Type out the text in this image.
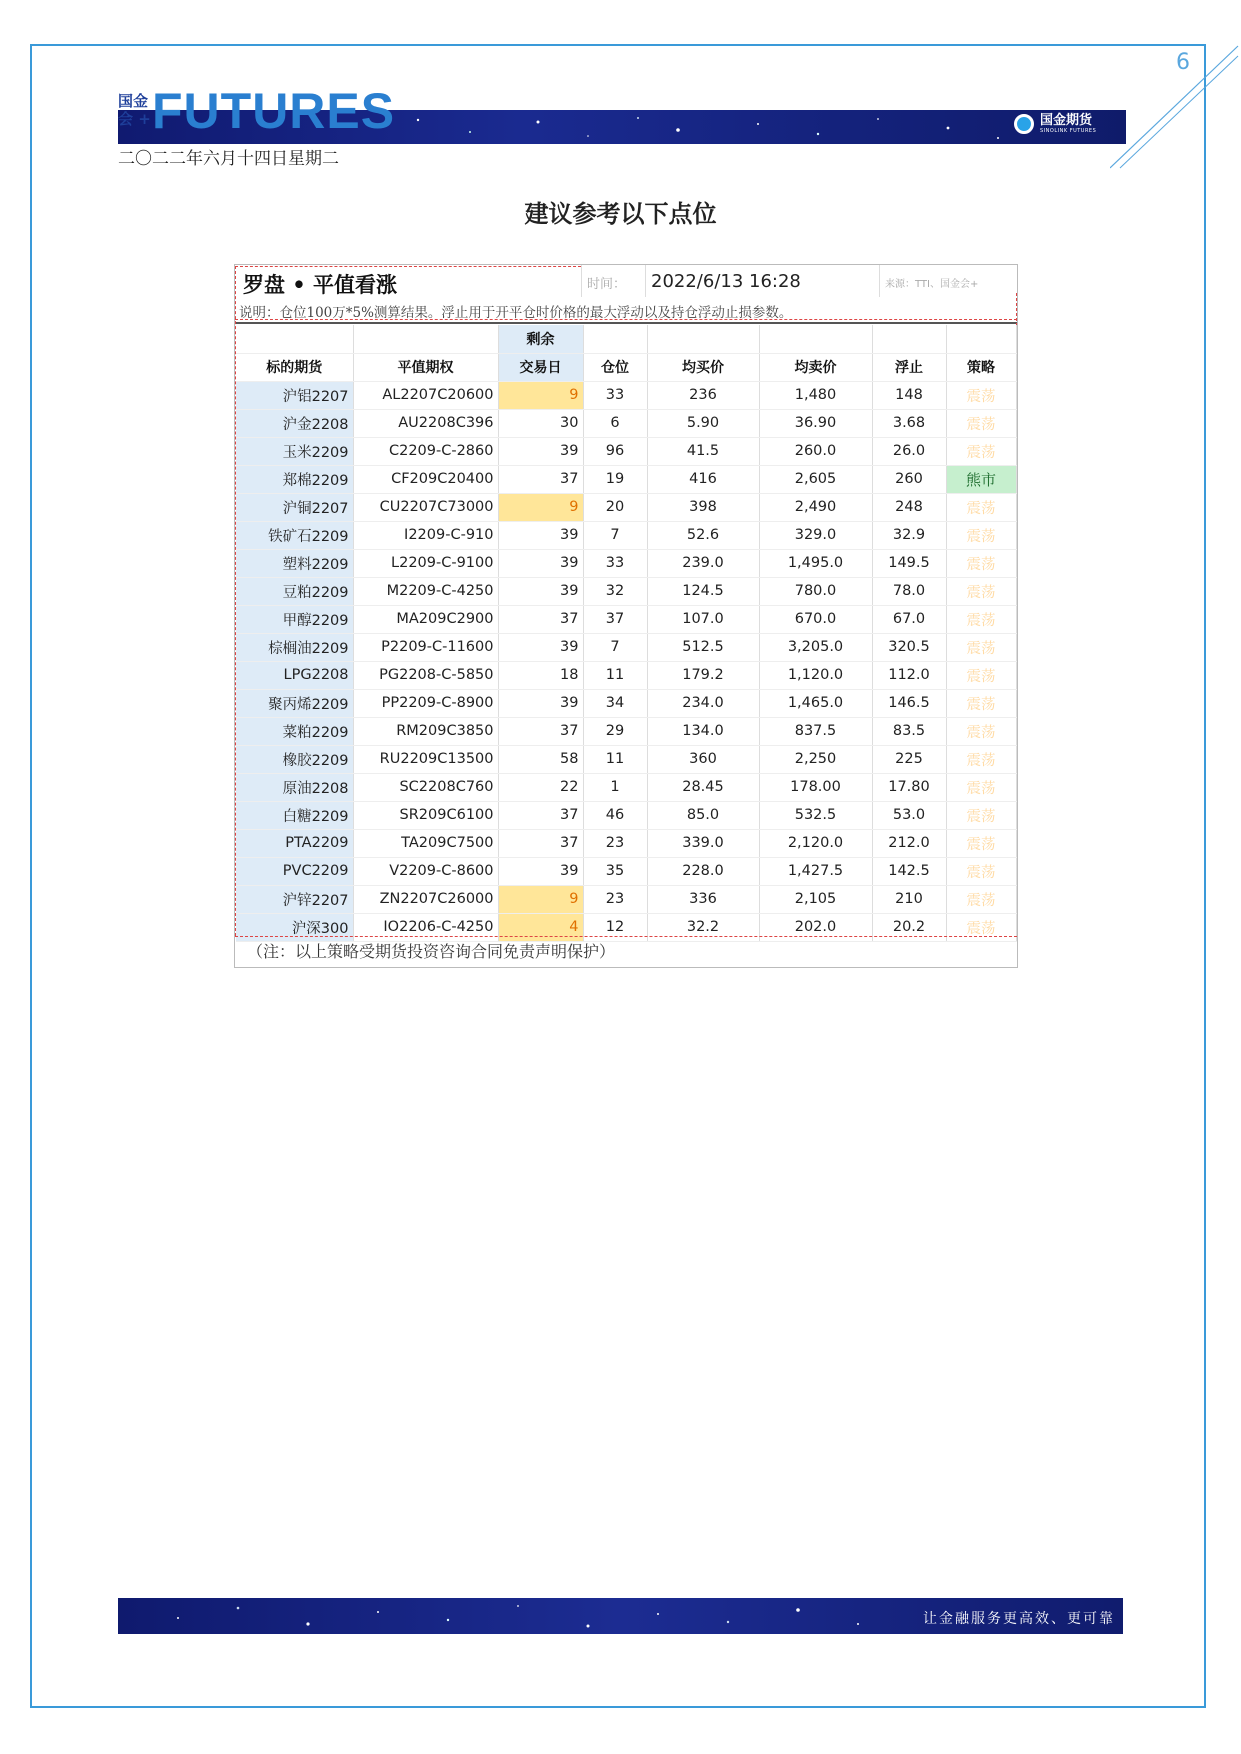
6
国金
会 + FUTURES	国金期货
SINOLINK FUTURES
二〇二二年六月十四日星期二
建议参考以下点位
罗盘 • 平值看涨	时间： 2022/6/13 16:28	来源：TTI、国金会+
说明：仓位100万*5%测算结果。浮止用于开平仓时价格的最大浮动以及持仓浮动止损参数。
		剩余					
标的期货	平值期权	交易日	仓位	均买价	均卖价	浮止	策略
沪铝2207	AL2207C20600	9	33	236	1,480	148	震荡
沪金2208	AU2208C396	30	6	5.90	36.90	3.68	震荡
玉米2209	C2209-C-2860	39	96	41.5	260.0	26.0	震荡
郑棉2209	CF209C20400	37	19	416	2,605	260	熊市
沪铜2207	CU2207C73000	9	20	398	2,490	248	震荡
铁矿石2209	I2209-C-910	39	7	52.6	329.0	32.9	震荡
塑料2209	L2209-C-9100	39	33	239.0	1,495.0	149.5	震荡
豆粕2209	M2209-C-4250	39	32	124.5	780.0	78.0	震荡
甲醇2209	MA209C2900	37	37	107.0	670.0	67.0	震荡
棕榈油2209	P2209-C-11600	39	7	512.5	3,205.0	320.5	震荡
LPG2208	PG2208-C-5850	18	11	179.2	1,120.0	112.0	震荡
聚丙烯2209	PP2209-C-8900	39	34	234.0	1,465.0	146.5	震荡
菜粕2209	RM209C3850	37	29	134.0	837.5	83.5	震荡
橡胶2209	RU2209C13500	58	11	360	2,250	225	震荡
原油2208	SC2208C760	22	1	28.45	178.00	17.80	震荡
白糖2209	SR209C6100	37	46	85.0	532.5	53.0	震荡
PTA2209	TA209C7500	37	23	339.0	2,120.0	212.0	震荡
PVC2209	V2209-C-8600	39	35	228.0	1,427.5	142.5	震荡
沪锌2207	ZN2207C26000	9	23	336	2,105	210	震荡
沪深300	IO2206-C-4250	4	12	32.2	202.0	20.2	震荡
（注：以上策略受期货投资咨询合同免责声明保护）
让金融服务更高效、更可靠
